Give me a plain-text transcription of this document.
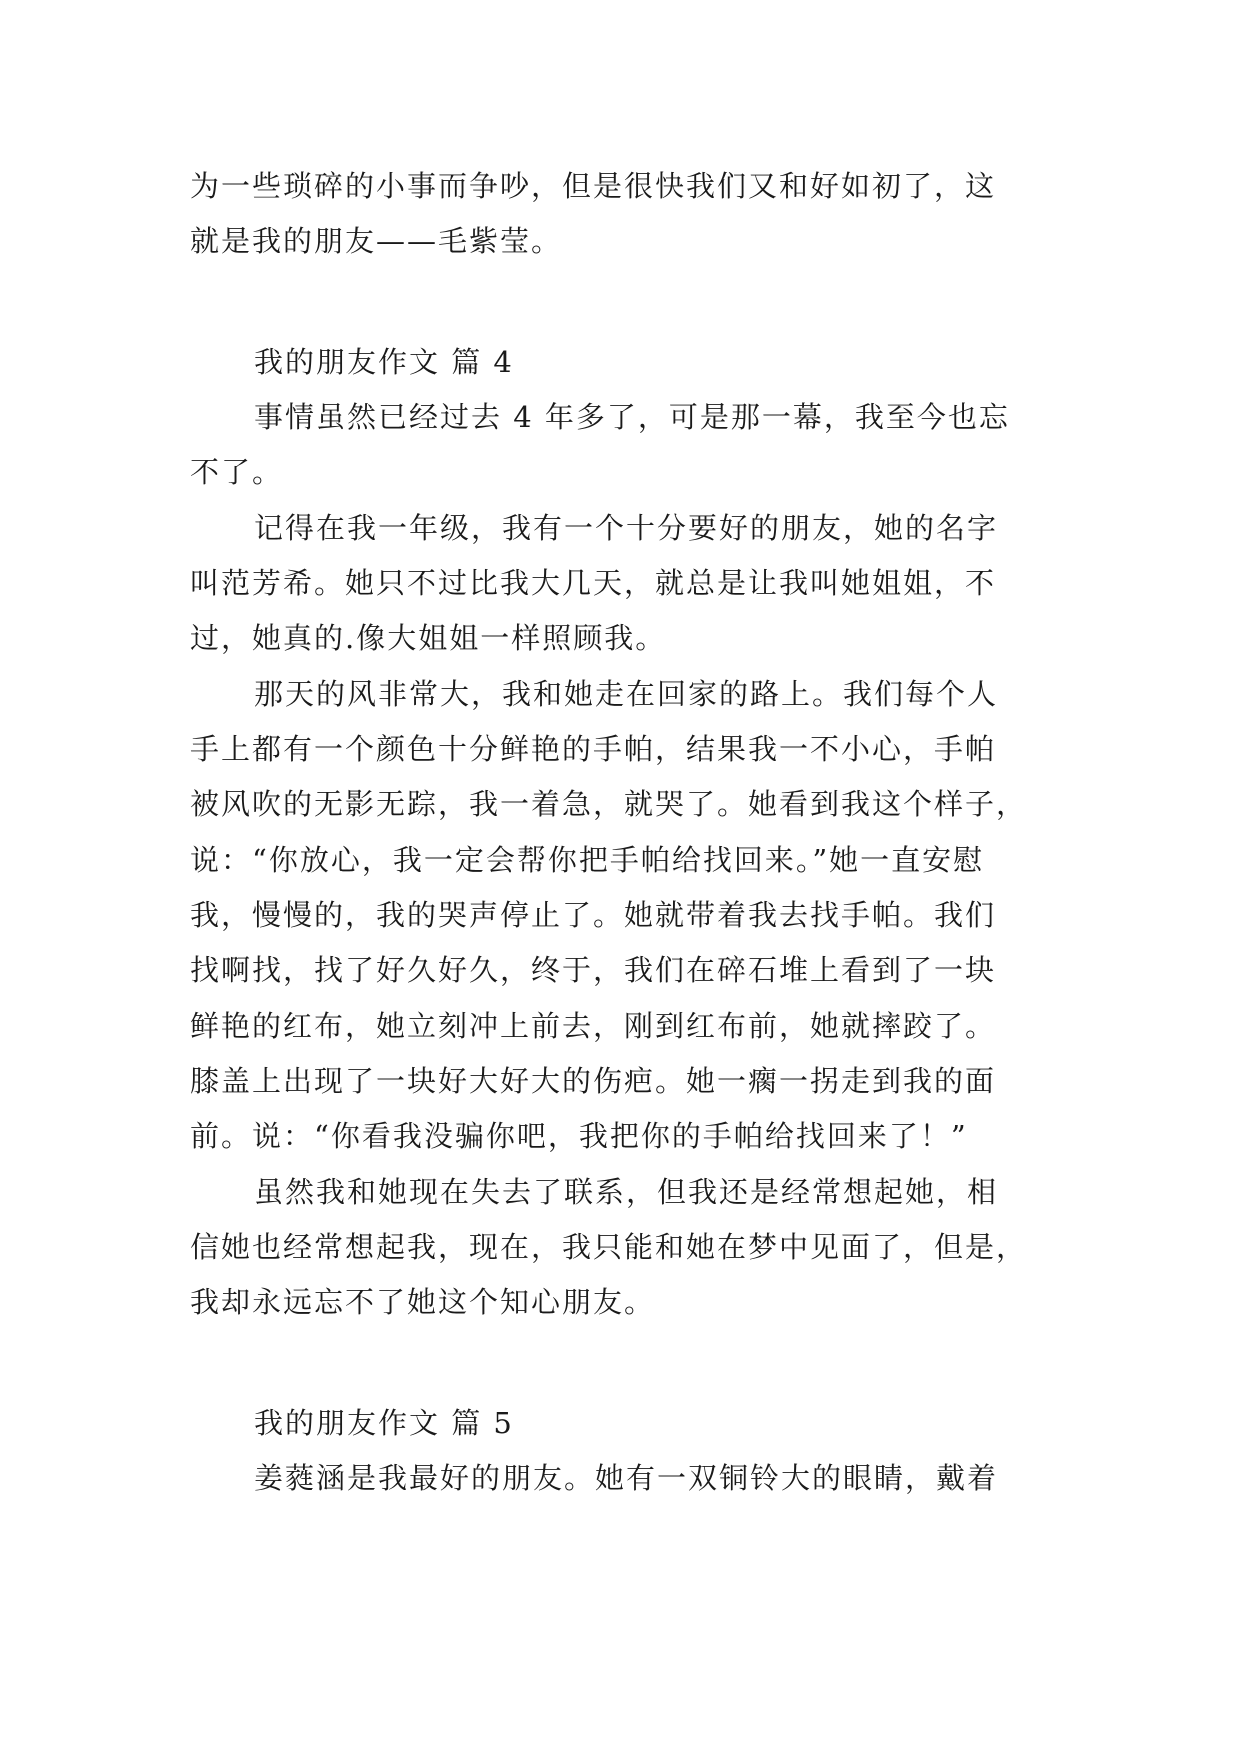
为一些琐碎的小事而争吵，但是很快我们又和好如初了，这
就是我的朋友——毛紫莹。
我的朋友作文 篇 4
事情虽然已经过去 4 年多了，可是那一幕，我至今也忘
不了。
记得在我一年级，我有一个十分要好的朋友，她的名字
叫范芳希。她只不过比我大几天，就总是让我叫她姐姐，不
过，她真的.像大姐姐一样照顾我。
那天的风非常大，我和她走在回家的路上。我们每个人
手上都有一个颜色十分鲜艳的手帕，结果我一不小心，手帕
被风吹的无影无踪，我一着急，就哭了。她看到我这个样子，
说：“你放心，我一定会帮你把手帕给找回来。”她一直安慰
我，慢慢的，我的哭声停止了。她就带着我去找手帕。我们
找啊找，找了好久好久，终于，我们在碎石堆上看到了一块
鲜艳的红布，她立刻冲上前去，刚到红布前，她就摔跤了。
膝盖上出现了一块好大好大的伤疤。她一瘸一拐走到我的面
前。说：“你看我没骗你吧，我把你的手帕给找回来了！”
虽然我和她现在失去了联系，但我还是经常想起她，相
信她也经常想起我，现在，我只能和她在梦中见面了，但是，
我却永远忘不了她这个知心朋友。
我的朋友作文 篇 5
姜蕤涵是我最好的朋友。她有一双铜铃大的眼睛，戴着
